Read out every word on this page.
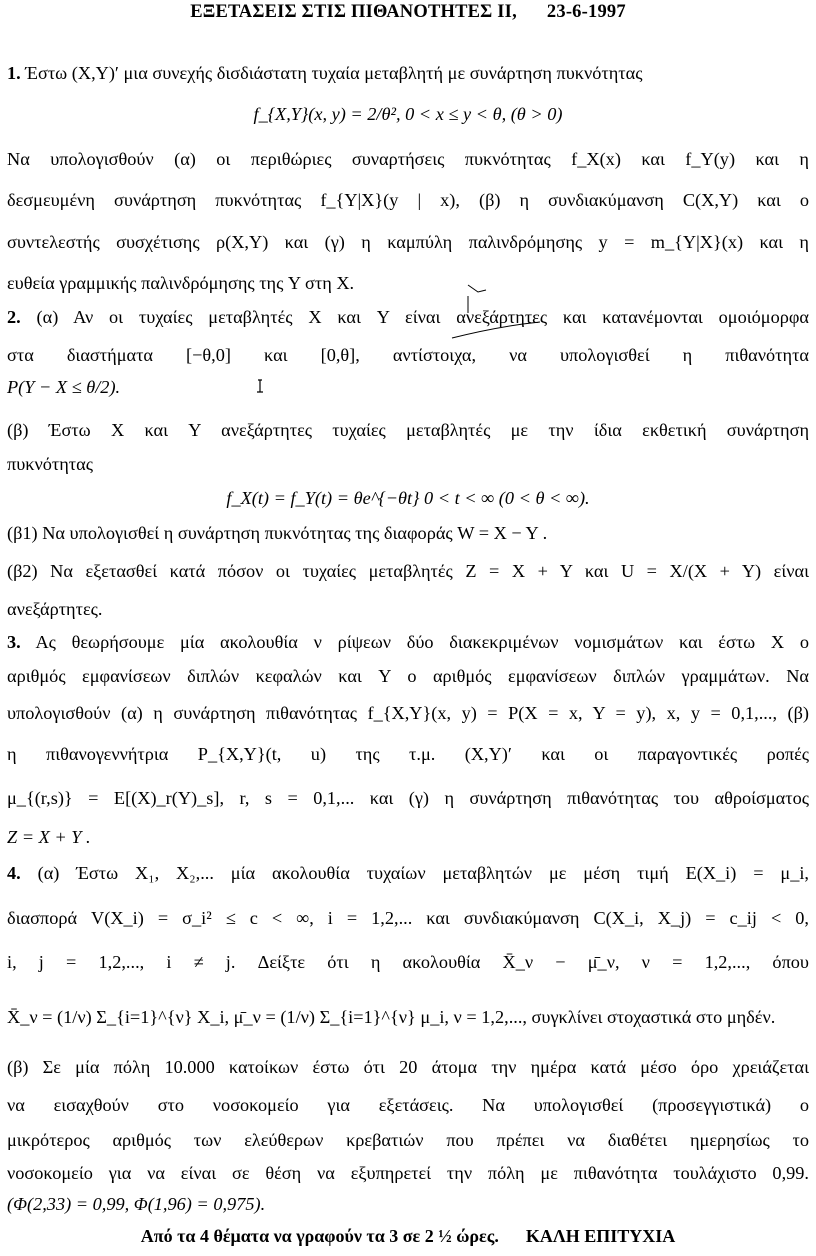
ΕΞΕΤΑΣΕΙΣ ΣΤΙΣ ΠΙΘΑΝΟΤΗΤΕΣ ΙΙ, 23-6-1997
1. Έστω (X,Y)′ μια συνεχής δισδιάστατη τυχαία μεταβλητή με συνάρτηση πυκνότητας
f_{X,Y}(x, y) = 2/θ², 0 < x ≤ y < θ, (θ > 0)
Να υπολογισθούν (α) οι περιθώριες συναρτήσεις πυκνότητας f_X(x) και f_Y(y) και η
δεσμευμένη συνάρτηση πυκνότητας f_{Y|X}(y | x), (β) η συνδιακύμανση C(X,Y) και ο
συντελεστής συσχέτισης ρ(X,Y) και (γ) η καμπύλη παλινδρόμησης y = m_{Y|X}(x) και η
ευθεία γραμμικής παλινδρόμησης της Y στη X.
2. (α) Αν οι τυχαίες μεταβλητές X και Y είναι ανεξάρτητες και κατανέμονται ομοιόμορφα
στα διαστήματα [−θ,0] και [0,θ], αντίστοιχα, να υπολογισθεί η πιθανότητα
P(Y − X ≤ θ/2).
(β) Έστω X και Y ανεξάρτητες τυχαίες μεταβλητές με την ίδια εκθετική συνάρτηση
πυκνότητας
f_X(t) = f_Y(t) = θe^{−θt} 0 < t < ∞ (0 < θ < ∞).
(β1) Να υπολογισθεί η συνάρτηση πυκνότητας της διαφοράς W = X − Y .
(β2) Να εξετασθεί κατά πόσον οι τυχαίες μεταβλητές Z = X + Y και U = X/(X + Y) είναι
ανεξάρτητες.
3. Ας θεωρήσουμε μία ακολουθία ν ρίψεων δύο διακεκριμένων νομισμάτων και έστω X ο
αριθμός εμφανίσεων διπλών κεφαλών και Y ο αριθμός εμφανίσεων διπλών γραμμάτων. Να
υπολογισθούν (α) η συνάρτηση πιθανότητας f_{X,Y}(x, y) = P(X = x, Y = y), x, y = 0,1,..., (β)
η πιθανογεννήτρια P_{X,Y}(t, u) της τ.μ. (X,Y)′ και οι παραγοντικές ροπές
μ_{(r,s)} = E[(X)_r(Y)_s], r, s = 0,1,... και (γ) η συνάρτηση πιθανότητας του αθροίσματος
Z = X + Y .
4. (α) Έστω X₁, X₂,... μία ακολουθία τυχαίων μεταβλητών με μέση τιμή E(X_i) = μ_i,
διασπορά V(X_i) = σ_i² ≤ c < ∞, i = 1,2,... και συνδιακύμανση C(X_i, X_j) = c_ij < 0,
i, j = 1,2,..., i ≠ j. Δείξτε ότι η ακολουθία X̄_ν − μ̄_ν, ν = 1,2,..., όπου
X̄_ν = (1/ν) Σ_{i=1}^{ν} X_i, μ̄_ν = (1/ν) Σ_{i=1}^{ν} μ_i, ν = 1,2,..., συγκλίνει στοχαστικά στο μηδέν.
(β) Σε μία πόλη 10.000 κατοίκων έστω ότι 20 άτομα την ημέρα κατά μέσο όρο χρειάζεται
να εισαχθούν στο νοσοκομείο για εξετάσεις. Να υπολογισθεί (προσεγγιστικά) ο
μικρότερος αριθμός των ελεύθερων κρεβατιών που πρέπει να διαθέτει ημερησίως το
νοσοκομείο για να είναι σε θέση να εξυπηρετεί την πόλη με πιθανότητα τουλάχιστο 0,99.
(Φ(2,33) = 0,99, Φ(1,96) = 0,975).
Από τα 4 θέματα να γραφούν τα 3 σε 2 ½ ώρες. ΚΑΛΗ ΕΠΙΤΥΧΙΑ
